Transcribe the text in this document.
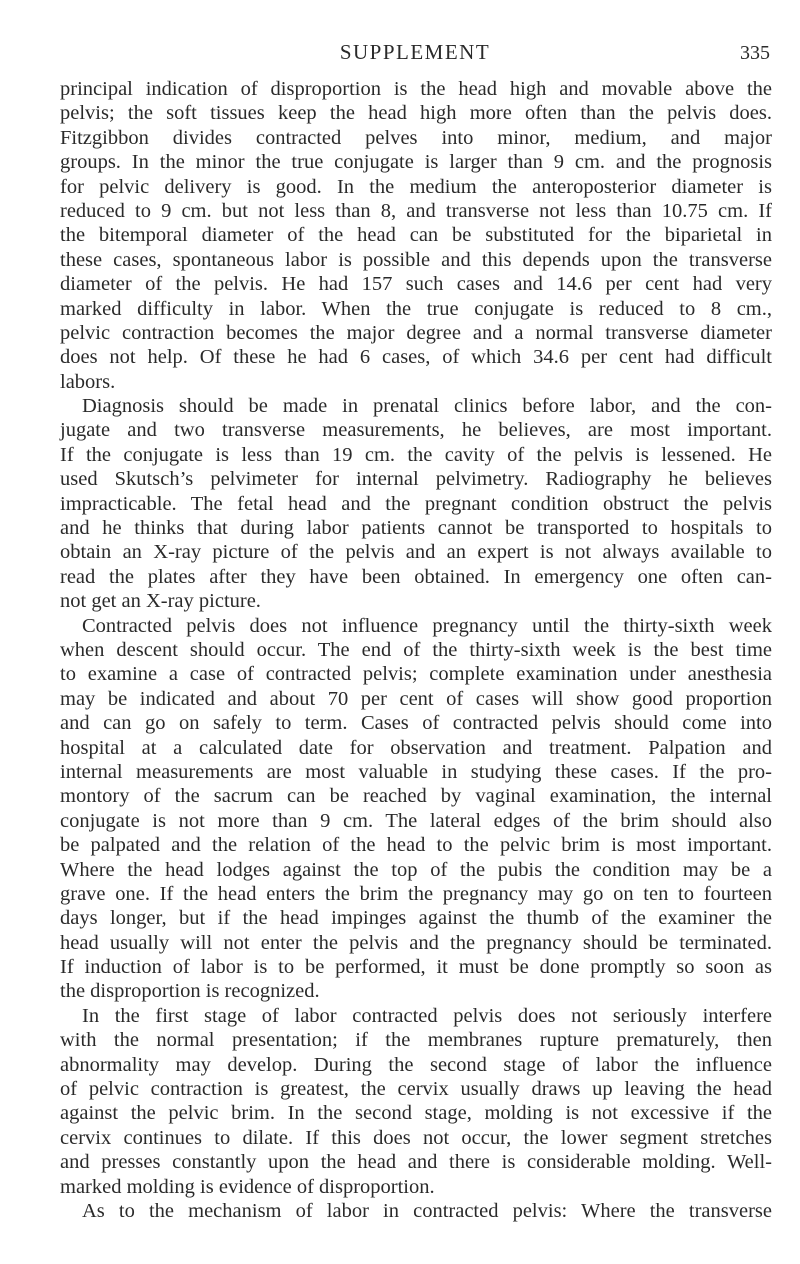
SUPPLEMENT	335
principal indication of disproportion is the head high and movable above the
pelvis; the soft tissues keep the head high more often than the pelvis does.
Fitzgibbon divides contracted pelves into minor, medium, and major
groups. In the minor the true conjugate is larger than 9 cm. and the prognosis
for pelvic delivery is good. In the medium the anteroposterior diameter is
reduced to 9 cm. but not less than 8, and transverse not less than 10.75 cm. If
the bitemporal diameter of the head can be substituted for the biparietal in
these cases, spontaneous labor is possible and this depends upon the transverse
diameter of the pelvis. He had 157 such cases and 14.6 per cent had very
marked difficulty in labor. When the true conjugate is reduced to 8 cm.,
pelvic contraction becomes the major degree and a normal transverse diameter
does not help. Of these he had 6 cases, of which 34.6 per cent had difficult
labors.
Diagnosis should be made in prenatal clinics before labor, and the con-
jugate and two transverse measurements, he believes, are most important.
If the conjugate is less than 19 cm. the cavity of the pelvis is lessened. He
used Skutsch’s pelvimeter for internal pelvimetry. Radiography he believes
impracticable. The fetal head and the pregnant condition obstruct the pelvis
and he thinks that during labor patients cannot be transported to hospitals to
obtain an X-ray picture of the pelvis and an expert is not always available to
read the plates after they have been obtained. In emergency one often can-
not get an X-ray picture.
Contracted pelvis does not influence pregnancy until the thirty-sixth week
when descent should occur. The end of the thirty-sixth week is the best time
to examine a case of contracted pelvis; complete examination under anesthesia
may be indicated and about 70 per cent of cases will show good proportion
and can go on safely to term. Cases of contracted pelvis should come into
hospital at a calculated date for observation and treatment. Palpation and
internal measurements are most valuable in studying these cases. If the pro-
montory of the sacrum can be reached by vaginal examination, the internal
conjugate is not more than 9 cm. The lateral edges of the brim should also
be palpated and the relation of the head to the pelvic brim is most important.
Where the head lodges against the top of the pubis the condition may be a
grave one. If the head enters the brim the pregnancy may go on ten to fourteen
days longer, but if the head impinges against the thumb of the examiner the
head usually will not enter the pelvis and the pregnancy should be terminated.
If induction of labor is to be performed, it must be done promptly so soon as
the disproportion is recognized.
In the first stage of labor contracted pelvis does not seriously interfere
with the normal presentation; if the membranes rupture prematurely, then
abnormality may develop. During the second stage of labor the influence
of pelvic contraction is greatest, the cervix usually draws up leaving the head
against the pelvic brim. In the second stage, molding is not excessive if the
cervix continues to dilate. If this does not occur, the lower segment stretches
and presses constantly upon the head and there is considerable molding. Well-
marked molding is evidence of disproportion.
As to the mechanism of labor in contracted pelvis: Where the transverse
